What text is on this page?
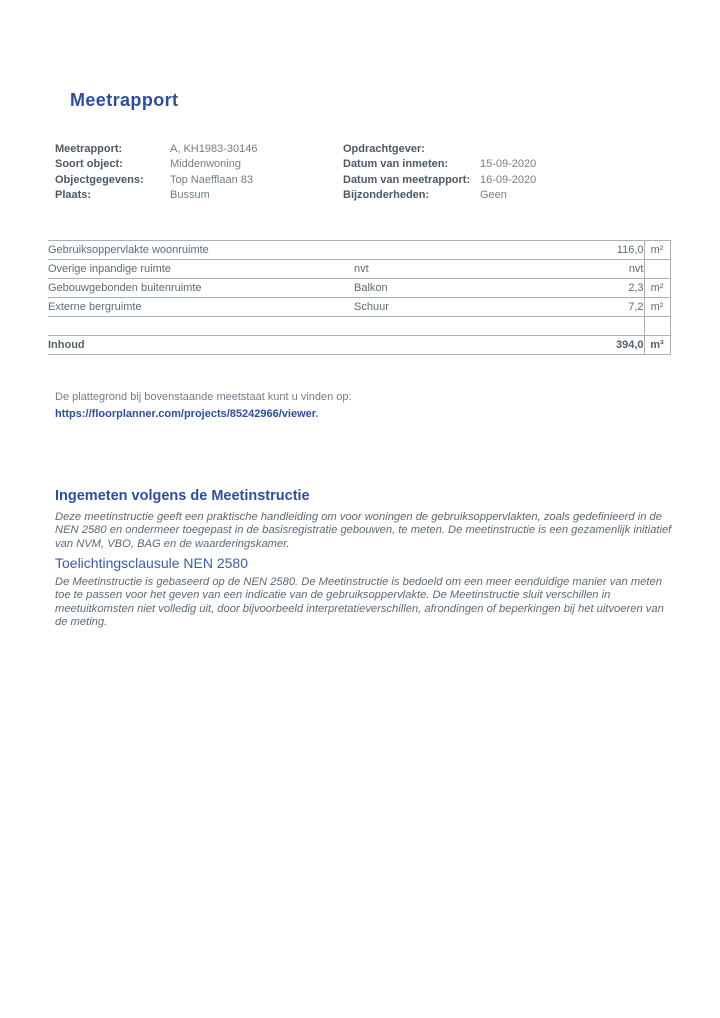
Meetrapport
Meetrapport:	A, KH1983-30146
Soort object:	Middenwoning
Objectgegevens:	Top Naefflaan 83
Plaats:	Bussum
Opdrachtgever:
Datum van inmeten:	15-09-2020
Datum van meetrapport: 16-09-2020
Bijzonderheden:	Geen
Gebruiksoppervlakte woonruimte		116,0	m²
Overige inpandige ruimte	nvt	nvt	
Gebouwgebonden buitenruimte	Balkon	2,3	m²
Externe bergruimte	Schuur	7,2	m²

Inhoud		394,0	m³
De plattegrond bij bovenstaande meetstaat kunt u vinden op:
https://floorplanner.com/projects/85242966/viewer.
Ingemeten volgens de Meetinstructie
Deze meetinstructie geeft een praktische handleiding om voor woningen de gebruiksoppervlakten, zoals gedefinieerd in de NEN 2580 en ondermeer toegepast in de basisregistratie gebouwen, te meten. De meetinstructie is een gezamenlijk initiatief van NVM, VBO, BAG en de waarderingskamer.
Toelichtingsclausule NEN 2580
De Meetinstructie is gebaseerd op de NEN 2580. De Meetinstructie is bedoeld om een meer eenduidige manier van meten toe te passen voor het geven van een indicatie van de gebruiksoppervlakte. De Meetinstructie sluit verschillen in meetuitkomsten niet volledig uit, door bijvoorbeeld interpretatieverschillen, afrondingen of beperkingen bij het uitvoeren van de meting.
